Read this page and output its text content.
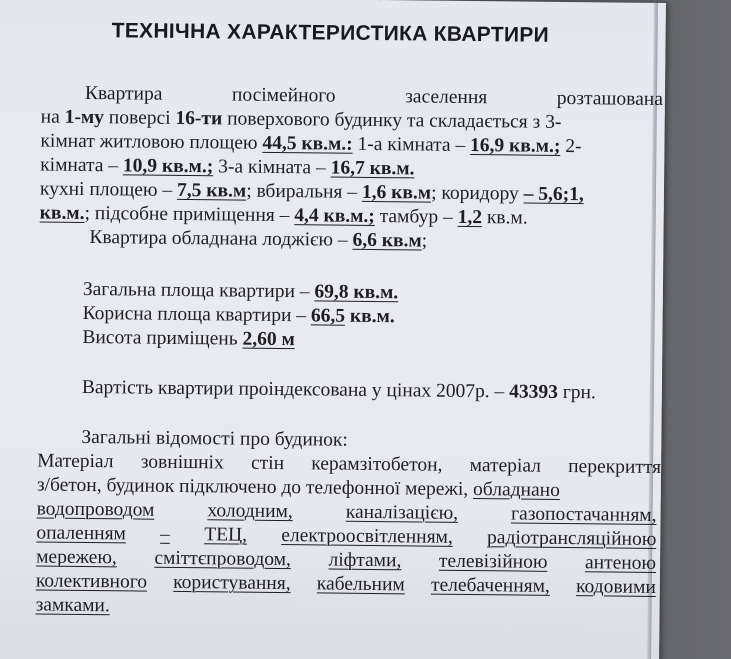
ТЕХНІЧНА ХАРАКТЕРИСТИКА КВАРТИРИ
Квартира	посімейного	заселення	розташована
на 1-му поверсі 16-ти поверхового будинку та складається з 3-
кімнат житловою площею 44,5 кв.м.: 1-а кімната – 16,9 кв.м.; 2-
кімната – 10,9 кв.м.; 3-а кімната – 16,7 кв.м.
кухні площею – 7,5 кв.м; вбиральня – 1,6 кв.м; коридору – 5,6;1,
кв.м.; підсобне приміщення – 4,4 кв.м.; тамбур – 1,2 кв.м.
Квартира обладнана лоджією – 6,6 кв.м;
Загальна площа квартири – 69,8 кв.м.
Корисна площа квартири – 66,5 кв.м.
Висота приміщень 2,60 м
Вартість квартири проіндексована у цінах 2007р. – 43393 грн.
Загальні відомості про будинок:
Матеріал зовнішніх стін керамзітобетон, матеріал перекриття
з/бетон, будинок підключено до телефонної мережі, обладнано
водопроводом	холодним,	каналізацією,	газопостачанням,
опаленням – ТЕЦ, електроосвітленням, радіотрансляційною
мережею, сміттєпроводом, ліфтами, телевізійною антеною
колективного користування, кабельним телебаченням, кодовими
замками.
